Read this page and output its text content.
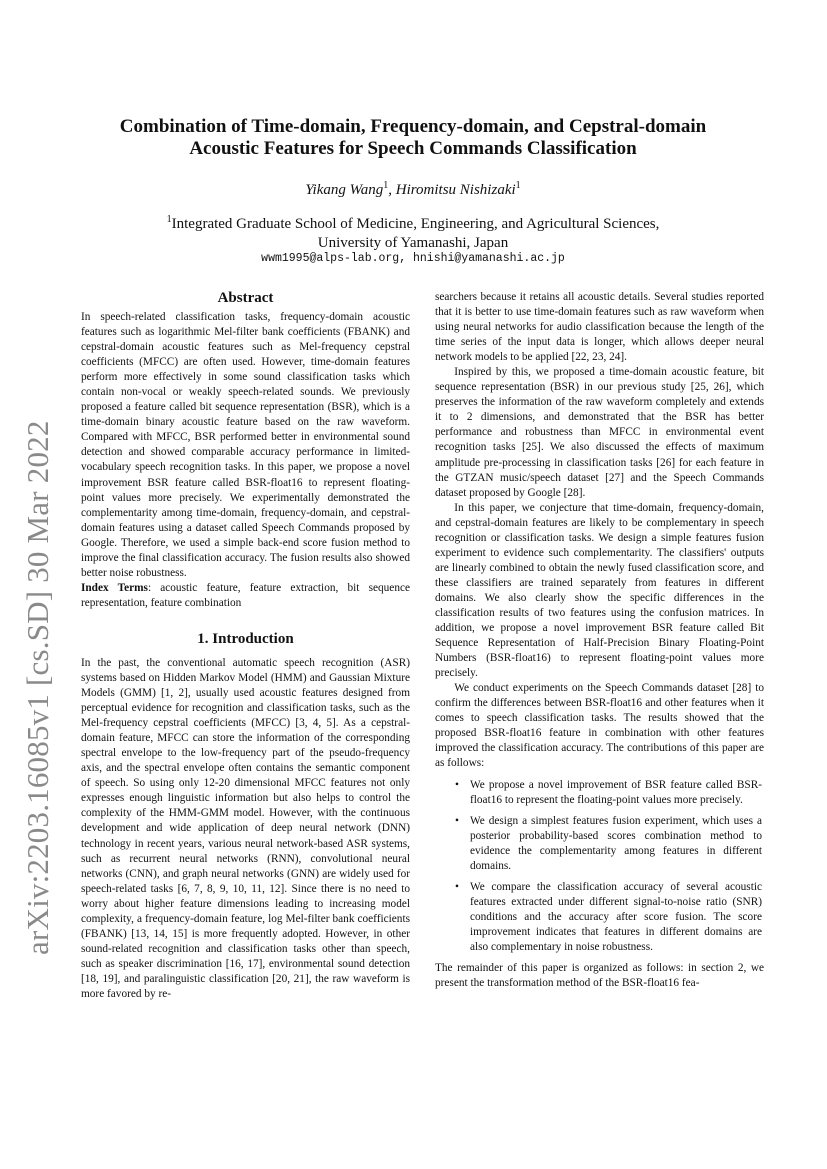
arXiv:2203.16085v1 [cs.SD] 30 Mar 2022
Combination of Time-domain, Frequency-domain, and Cepstral-domain
Acoustic Features for Speech Commands Classification
Yikang Wang$^1$, Hiromitsu Nishizaki$^1$
$^1$Integrated Graduate School of Medicine, Engineering, and Agricultural Sciences,
University of Yamanashi, Japan
wwm1995@alps-lab.org, hnishi@yamanashi.ac.jp
Abstract

In speech-related classification tasks, frequency-domain acoustic features such as logarithmic Mel-filter bank coefficients (FBANK) and cepstral-domain acoustic features such as Mel-frequency cepstral coefficients (MFCC) are often used. However, time-domain features perform more effectively in some sound classification tasks which contain non-vocal or weakly speech-related sounds. We previously proposed a feature called bit sequence representation (BSR), which is a time-domain binary acoustic feature based on the raw waveform. Compared with MFCC, BSR performed better in environmental sound detection and showed comparable accuracy performance in limited-vocabulary speech recognition tasks. In this paper, we propose a novel improvement BSR feature called BSR-float16 to represent floating-point values more precisely. We experimentally demonstrated the complementarity among time-domain, frequency-domain, and cepstral-domain features using a dataset called Speech Commands proposed by Google. Therefore, we used a simple back-end score fusion method to improve the final classification accuracy. The fusion results also showed better noise robustness.

Index Terms: acoustic feature, feature extraction, bit sequence representation, feature combination

1. Introduction

In the past, the conventional automatic speech recognition (ASR) systems based on Hidden Markov Model (HMM) and Gaussian Mixture Models (GMM) [1, 2], usually used acoustic features designed from perceptual evidence for recognition and classification tasks, such as the Mel-frequency cepstral coefficients (MFCC) [3, 4, 5]. As a cepstral-domain feature, MFCC can store the information of the corresponding spectral envelope to the low-frequency part of the pseudo-frequency axis, and the spectral envelope often contains the semantic component of speech. So using only 12-20 dimensional MFCC features not only expresses enough linguistic information but also helps to control the complexity of the HMM-GMM model. However, with the continuous development and wide application of deep neural network (DNN) technology in recent years, various neural network-based ASR systems, such as recurrent neural networks (RNN), convolutional neural networks (CNN), and graph neural networks (GNN) are widely used for speech-related tasks [6, 7, 8, 9, 10, 11, 12]. Since there is no need to worry about higher feature dimensions leading to increasing model complexity, a frequency-domain feature, log Mel-filter bank coefficients (FBANK) [13, 14, 15] is more frequently adopted. However, in other sound-related recognition and classification tasks other than speech, such as speaker discrimination [16, 17], environmental sound detection [18, 19], and paralinguistic classification [20, 21], the raw waveform is more favored by re-

searchers because it retains all acoustic details. Several studies reported that it is better to use time-domain features such as raw waveform when using neural networks for audio classification because the length of the time series of the input data is longer, which allows deeper neural network models to be applied [22, 23, 24].

Inspired by this, we proposed a time-domain acoustic feature, bit sequence representation (BSR) in our previous study [25, 26], which preserves the information of the raw waveform completely and extends it to 2 dimensions, and demonstrated that the BSR has better performance and robustness than MFCC in environmental event recognition tasks [25]. We also discussed the effects of maximum amplitude pre-processing in classification tasks [26] for each feature in the GTZAN music/speech dataset [27] and the Speech Commands dataset proposed by Google [28].

In this paper, we conjecture that time-domain, frequency-domain, and cepstral-domain features are likely to be complementary in speech recognition or classification tasks. We design a simple features fusion experiment to evidence such complementarity. The classifiers' outputs are linearly combined to obtain the newly fused classification score, and these classifiers are trained separately from features in different domains. We also clearly show the specific differences in the classification results of two features using the confusion matrices. In addition, we propose a novel improvement BSR feature called Bit Sequence Representation of Half-Precision Binary Floating-Point Numbers (BSR-float16) to represent floating-point values more precisely.

We conduct experiments on the Speech Commands dataset [28] to confirm the differences between BSR-float16 and other features when it comes to speech classification tasks. The results showed that the proposed BSR-float16 feature in combination with other features improved the classification accuracy. The contributions of this paper are as follows:

• We propose a novel improvement of BSR feature called BSR-float16 to represent the floating-point values more precisely.
• We design a simplest features fusion experiment, which uses a posterior probability-based scores combination method to evidence the complementarity among features in different domains.
• We compare the classification accuracy of several acoustic features extracted under different signal-to-noise ratio (SNR) conditions and the accuracy after score fusion. The score improvement indicates that features in different domains are also complementary in noise robustness.

The remainder of this paper is organized as follows: in section 2, we present the transformation method of the BSR-float16 fea-
